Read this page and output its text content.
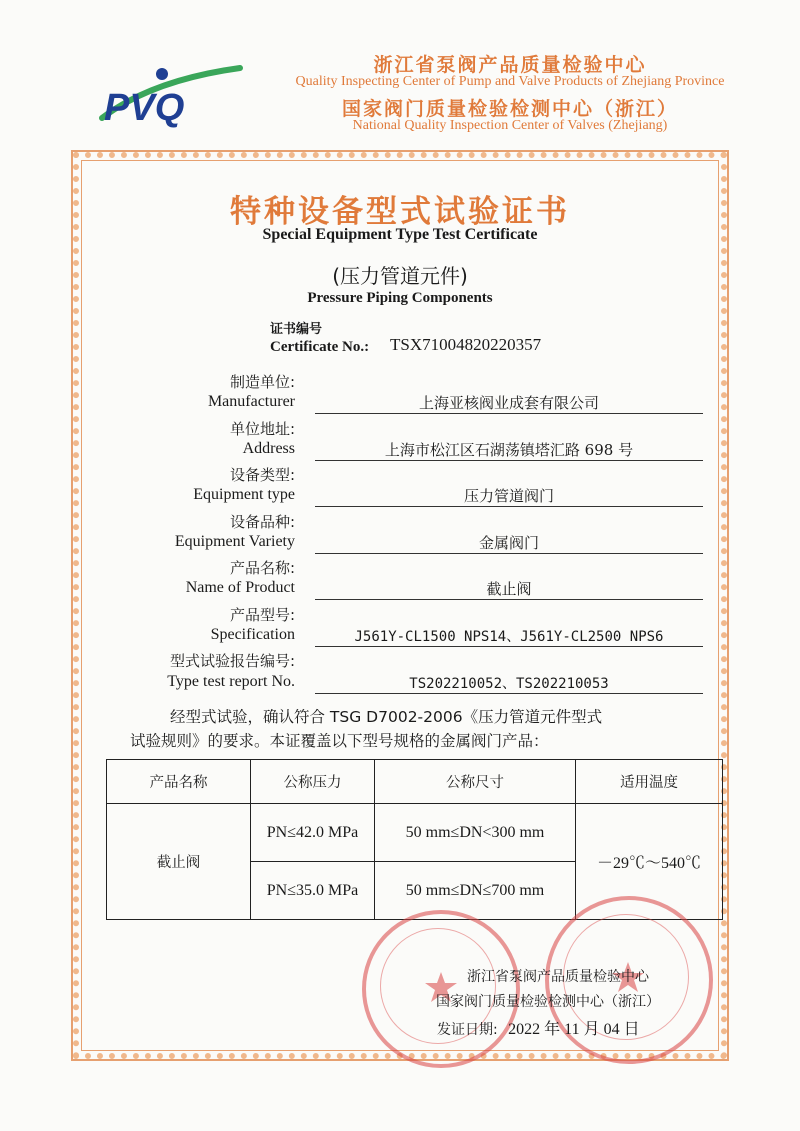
PVQ
浙江省泵阀产品质量检验中心
Quality Inspecting Center of Pump and Valve Products of Zhejiang Province
国家阀门质量检验检测中心（浙江）
National Quality Inspection Center of Valves (Zhejiang)
特种设备型式试验证书
Special Equipment Type Test Certificate
(压力管道元件)
Pressure Piping Components
证书编号
Certificate No.: TSX71004820220357
制造单位:
Manufacturer	上海亚核阀业成套有限公司
单位地址:
Address	上海市松江区石湖荡镇塔汇路 698 号
设备类型:
Equipment type	压力管道阀门
设备品种:
Equipment Variety	金属阀门
产品名称:
Name of Product	截止阀
产品型号:
Specification	J561Y-CL1500 NPS14、J561Y-CL2500 NPS6
型式试验报告编号:
Type test report No.	TS202210052、TS202210053
经型式试验，确认符合 TSG D7002-2006《压力管道元件型式
试验规则》的要求。本证覆盖以下型号规格的金属阀门产品：
产品名称	公称压力	公称尺寸	适用温度
截止阀	PN≤42.0 MPa	50 mm≤DN<300 mm	－29℃～540℃
	PN≤35.0 MPa	50 mm≤DN≤700 mm	
浙江省泵阀产品质量检验中心
国家阀门质量检验检测中心（浙江）
发证日期: 2022 年 11 月 04 日
